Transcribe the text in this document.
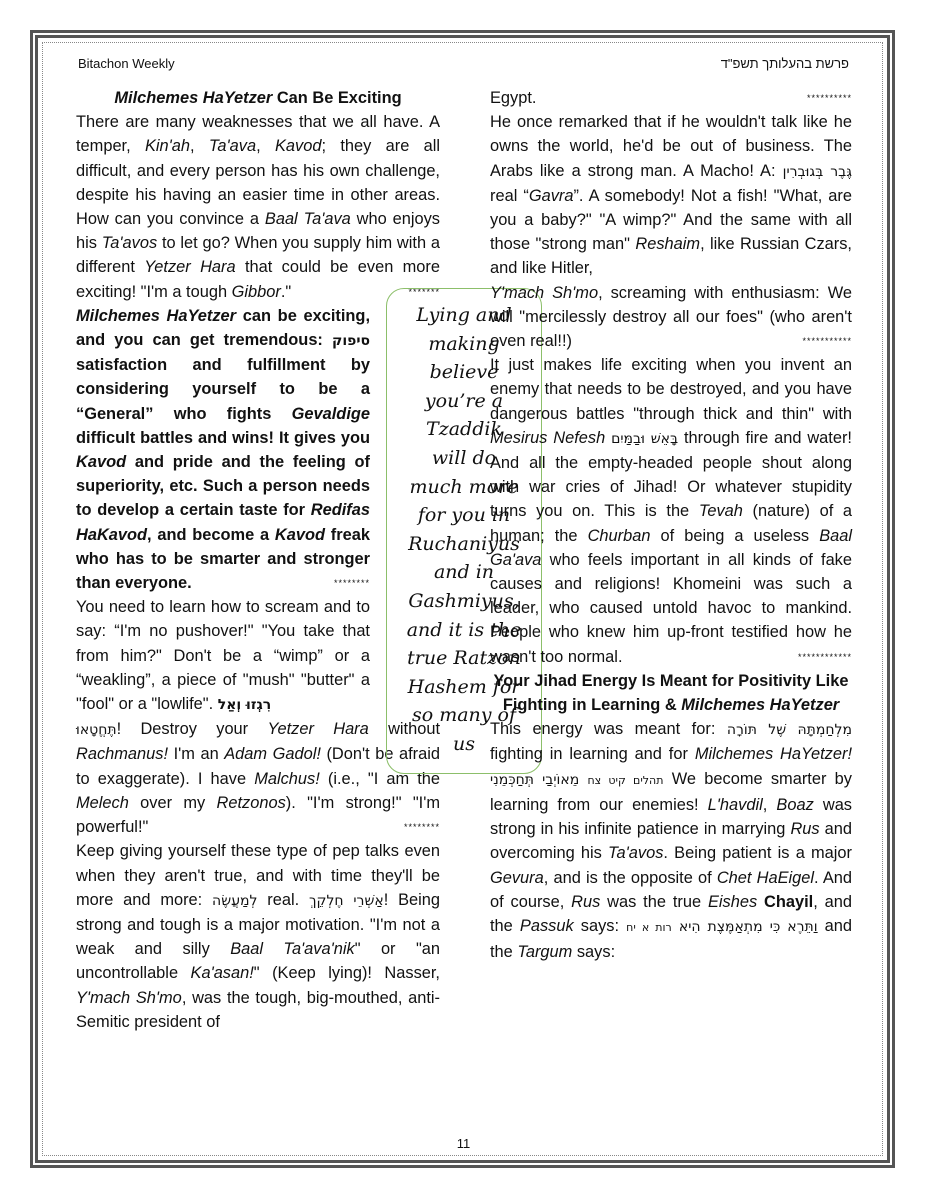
Bitachon Weekly	פרשת בהעלותך תשפ"ד

Milchemes HaYetzer Can Be Exciting

There are many weaknesses that we all have. A temper, Kin'ah, Ta'ava, Kavod; they are all difficult, and every person has his own challenge, despite his having an easier time in other areas. How can you convince a Baal Ta'ava who enjoys his Ta'avos to let go? When you supply him with a different Yetzer Hara that could be even more exciting! "I'm a tough Gibbor."	*******

Milchemes HaYetzer can be exciting, and you can get tremendous: סיפוק satisfaction and fulfillment by considering yourself to be a “General” who fights Gevaldige difficult battles and wins! It gives you Kavod and pride and the feeling of superiority, etc. Such a person needs to develop a certain taste for Redifas HaKavod, and become a Kavod freak who has to be smarter and stronger than everyone.	********

You need to learn how to scream and to say: “I'm no pushover!" "You take that from him?" Don't be a “wimp” or a “weakling”, a piece of "mush" "butter" a "fool" or a "lowlife". רִגְזוּ וְאַל

תֶּחֱטָאוּ! Destroy your Yetzer Hara without Rachmanus! I'm an Adam Gadol! (Don't be afraid to exaggerate). I have Malchus! (i.e., "I am the Melech over my Retzonos). "I'm strong!" "I'm powerful!"	********

Keep giving yourself these type of pep talks even when they aren't true, and with time they'll be more and more: לְמַעֲשֶׂה real.	אַשְׁרֵי חֶלְקֵךְ ! Being strong and tough is a major motivation. "I'm not a weak and silly Baal Ta'ava'nik" or "an uncontrollable Ka'asan!" (Keep lying)! Nasser, Y'mach Sh'mo, was the tough, big-mouthed, anti-Semitic president of

Lying and
making
believe
you’re a
Tzaddik
will do
much more
for you in
Ruchaniyus
and in
Gashmiyus,
and it is the
true Ratzon
Hashem for
so many of
us

Egypt.	**********

He once remarked that if he wouldn't talk like he owns the world, he'd be out of business. The Arabs like a strong man. A Macho! A: גֶּבֶר בְּגוּבְרִין real “Gavra”. A somebody! Not a fish! "What, are you a baby?" "A wimp?" And the same with all those "strong man" Reshaim, like Russian Czars, and like Hitler,

Y'mach Sh'mo, screaming with enthusiasm: We will "mercilessly destroy all our foes" (who aren't even real!!)	***********

It just makes life exciting when you invent an enemy that needs to be destroyed, and you have dangerous battles "through thick and thin" with Mesirus Nefesh בָּאֵשׁ וּבַמַּיִם through fire and water! And all the empty-headed people shout along with war cries of Jihad! Or whatever stupidity turns you on. This is the Tevah (nature) of a human; the Churban of being a useless Baal Ga'ava who feels important in all kinds of fake causes and religions! Khomeini was such a leader, who caused untold havoc to mankind. People who knew him up-front testified how he wasn't too normal.	************

Your Jihad Energy Is Meant for Positivity Like
Fighting in Learning & Milchemes HaYetzer

This energy was meant for: מִלְחַמְתָּהּ שֶׁל תּוֹרָה fighting in learning and for Milchemes HaYetzer! תהלים קיט צח מֵאוֹיְבַי תְּחַכְּמֵנִי	We become smarter by learning from our enemies! L'havdil, Boaz was strong in his infinite patience in marrying Rus and overcoming his Ta'avos. Being patient is a major Gevura, and is the opposite of Chet HaEigel. And of course, Rus was the true Eishes Chayil, and the Passuk says:	וַתֵּרֶא כִּי מִתְאַמֶּצֶת הִיא רות א יח	and the Targum says:

11
